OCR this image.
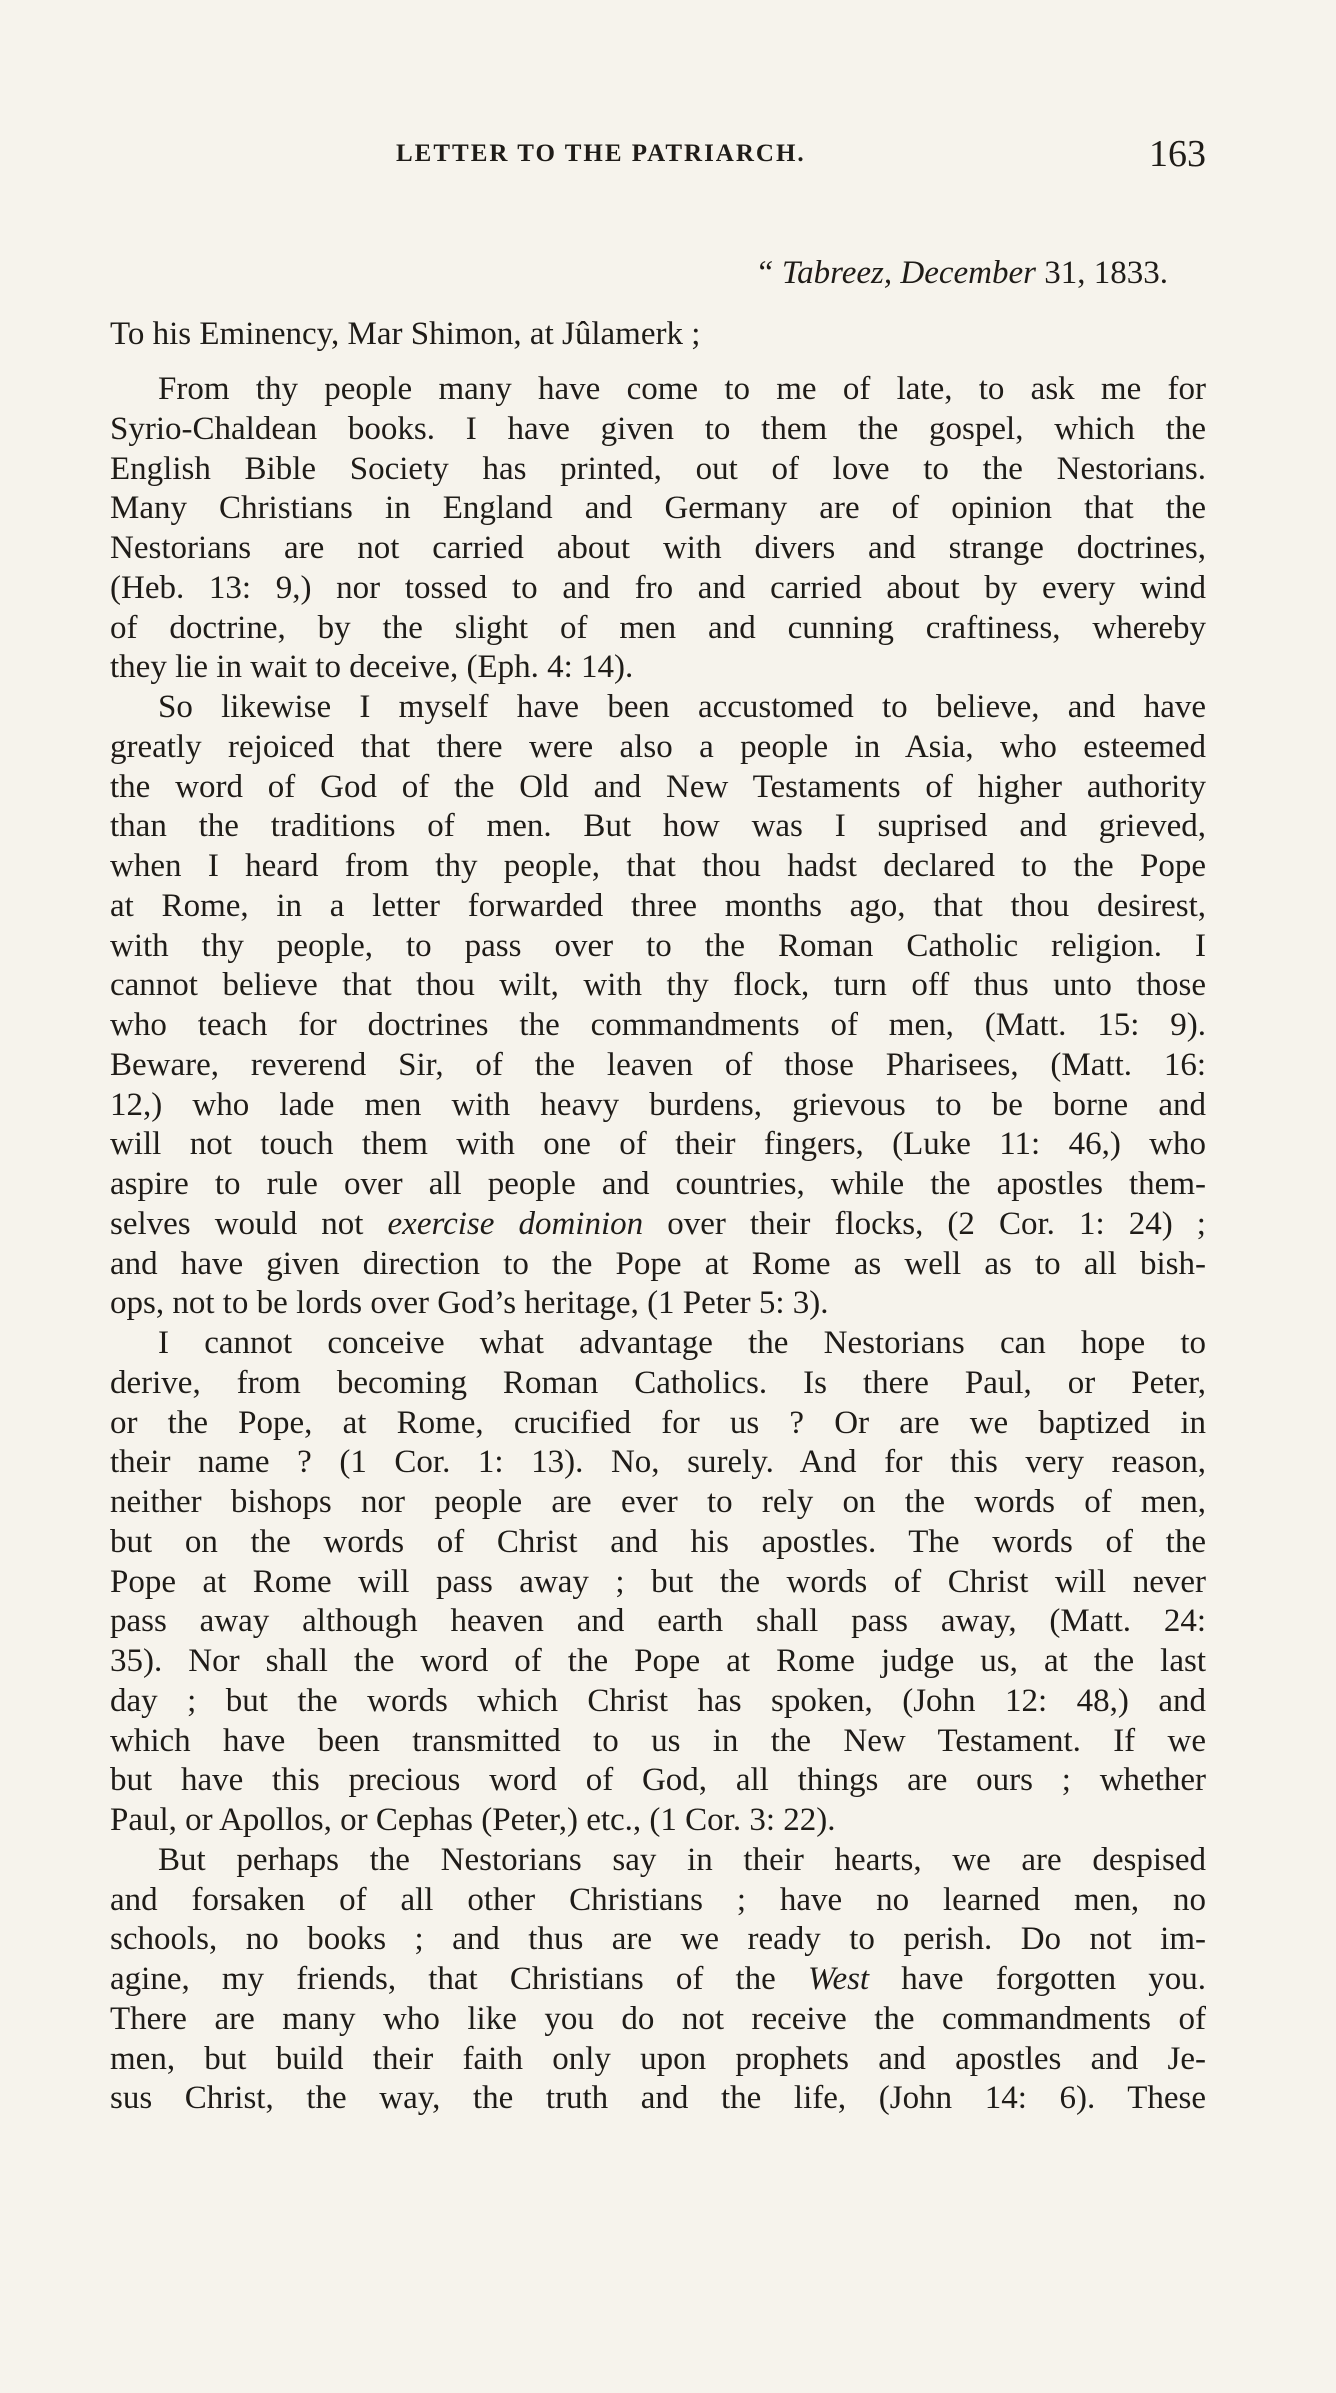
LETTER TO THE PATRIARCH.	163
“ Tabreez, December 31, 1833.
To his Eminency, Mar Shimon, at Jûlamerk ;
From thy people many have come to me of late, to ask me for
Syrio-Chaldean books. I have given to them the gospel, which the
English Bible Society has printed, out of love to the Nestorians.
Many Christians in England and Germany are of opinion that the
Nestorians are not carried about with divers and strange doctrines,
(Heb. 13: 9,) nor tossed to and fro and carried about by every wind
of doctrine, by the slight of men and cunning craftiness, whereby
they lie in wait to deceive, (Eph. 4: 14).
So likewise I myself have been accustomed to believe, and have
greatly rejoiced that there were also a people in Asia, who esteemed
the word of God of the Old and New Testaments of higher authority
than the traditions of men. But how was I suprised and grieved,
when I heard from thy people, that thou hadst declared to the Pope
at Rome, in a letter forwarded three months ago, that thou desirest,
with thy people, to pass over to the Roman Catholic religion. I
cannot believe that thou wilt, with thy flock, turn off thus unto those
who teach for doctrines the commandments of men, (Matt. 15: 9).
Beware, reverend Sir, of the leaven of those Pharisees, (Matt. 16:
12,) who lade men with heavy burdens, grievous to be borne and
will not touch them with one of their fingers, (Luke 11: 46,) who
aspire to rule over all people and countries, while the apostles them-
selves would not exercise dominion over their flocks, (2 Cor. 1: 24) ;
and have given direction to the Pope at Rome as well as to all bish-
ops, not to be lords over God’s heritage, (1 Peter 5: 3).
I cannot conceive what advantage the Nestorians can hope to
derive, from becoming Roman Catholics. Is there Paul, or Peter,
or the Pope, at Rome, crucified for us ? Or are we baptized in
their name ? (1 Cor. 1: 13). No, surely. And for this very reason,
neither bishops nor people are ever to rely on the words of men,
but on the words of Christ and his apostles. The words of the
Pope at Rome will pass away ; but the words of Christ will never
pass away although heaven and earth shall pass away, (Matt. 24:
35). Nor shall the word of the Pope at Rome judge us, at the last
day ; but the words which Christ has spoken, (John 12: 48,) and
which have been transmitted to us in the New Testament. If we
but have this precious word of God, all things are ours ; whether
Paul, or Apollos, or Cephas (Peter,) etc., (1 Cor. 3: 22).
But perhaps the Nestorians say in their hearts, we are despised
and forsaken of all other Christians ; have no learned men, no
schools, no books ; and thus are we ready to perish. Do not im-
agine, my friends, that Christians of the West have forgotten you.
There are many who like you do not receive the commandments of
men, but build their faith only upon prophets and apostles and Je-
sus Christ, the way, the truth and the life, (John 14: 6). These
